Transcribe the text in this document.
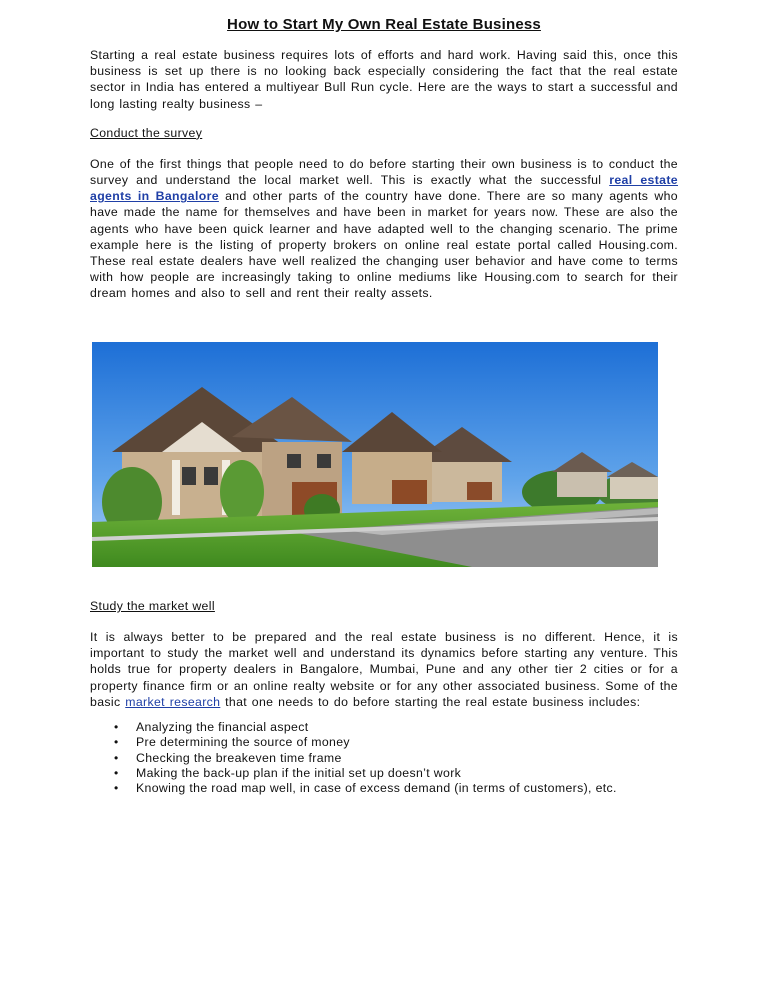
How to Start My Own Real Estate Business

Starting a real estate business requires lots of efforts and hard work. Having said this, once this business is set up there is no looking back especially considering the fact that the real estate sector in India has entered a multiyear Bull Run cycle. Here are the ways to start a successful and long lasting realty business –

Conduct the survey

One of the first things that people need to do before starting their own business is to conduct the survey and understand the local market well. This is exactly what the successful real estate agents in Bangalore and other parts of the country have done. There are so many agents who have made the name for themselves and have been in market for years now. These are also the agents who have been quick learner and have adapted well to the changing scenario. The prime example here is the listing of property brokers on online real estate portal called Housing.com. These real estate dealers have well realized the changing user behavior and have come to terms with how people are increasingly taking to online mediums like Housing.com to search for their dream homes and also to sell and rent their realty assets.

Study the market well

It is always better to be prepared and the real estate business is no different. Hence, it is important to study the market well and understand its dynamics before starting any venture. This holds true for property dealers in Bangalore, Mumbai, Pune and any other tier 2 cities or for a property finance firm or an online realty website or for any other associated business. Some of the basic market research that one needs to do before starting the real estate business includes:

• Analyzing the financial aspect
• Pre determining the source of money
• Checking the breakeven time frame
• Making the back-up plan if the initial set up doesn’t work
• Knowing the road map well, in case of excess demand (in terms of customers), etc.
